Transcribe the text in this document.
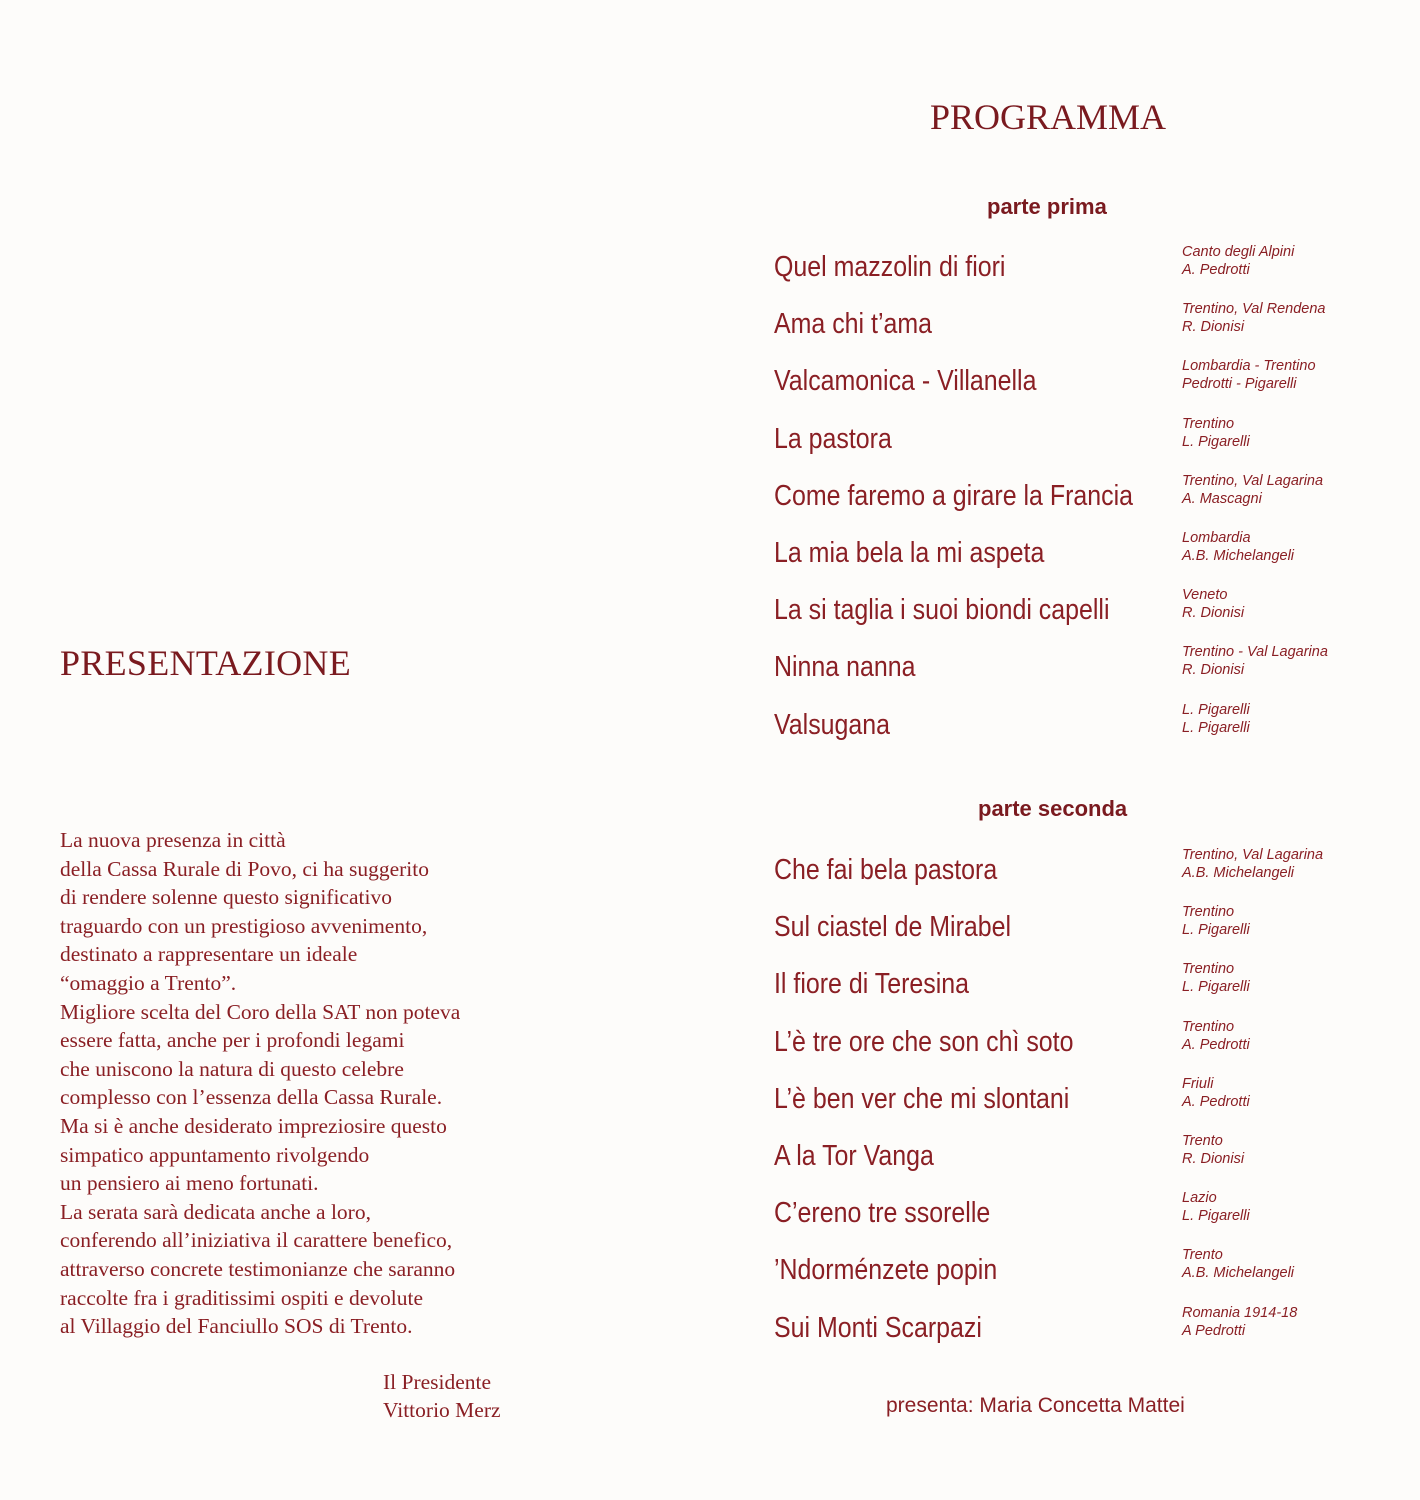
PRESENTAZIONE
La nuova presenza in città
della Cassa Rurale di Povo, ci ha suggerito
di rendere solenne questo significativo
traguardo con un prestigioso avvenimento,
destinato a rappresentare un ideale
“omaggio a Trento”.
Migliore scelta del Coro della SAT non poteva
essere fatta, anche per i profondi legami
che uniscono la natura di questo celebre
complesso con l’essenza della Cassa Rurale.
Ma si è anche desiderato impreziosire questo
simpatico appuntamento rivolgendo
un pensiero ai meno fortunati.
La serata sarà dedicata anche a loro,
conferendo all’iniziativa il carattere benefico,
attraverso concrete testimonianze che saranno
raccolte fra i graditissimi ospiti e devolute
al Villaggio del Fanciullo SOS di Trento.
Il Presidente
Vittorio Merz
PROGRAMMA
parte prima
Quel mazzolin di fiori	Canto degli Alpini
A. Pedrotti
Ama chi t’ama	Trentino, Val Rendena
R. Dionisi
Valcamonica - Villanella	Lombardia - Trentino
Pedrotti - Pigarelli
La pastora	Trentino
L. Pigarelli
Come faremo a girare la Francia	Trentino, Val Lagarina
A. Mascagni
La mia bela la mi aspeta	Lombardia
A.B. Michelangeli
La si taglia i suoi biondi capelli	Veneto
R. Dionisi
Ninna nanna	Trentino - Val Lagarina
R. Dionisi
Valsugana	L. Pigarelli
L. Pigarelli
parte seconda
Che fai bela pastora	Trentino, Val Lagarina
A.B. Michelangeli
Sul ciastel de Mirabel	Trentino
L. Pigarelli
Il fiore di Teresina	Trentino
L. Pigarelli
L’è tre ore che son chì soto	Trentino
A. Pedrotti
L’è ben ver che mi slontani	Friuli
A. Pedrotti
A la Tor Vanga	Trento
R. Dionisi
C’ereno tre ssorelle	Lazio
L. Pigarelli
’Ndorménzete popin	Trento
A.B. Michelangeli
Sui Monti Scarpazi	Romania 1914-18
A Pedrotti
presenta: Maria Concetta Mattei
